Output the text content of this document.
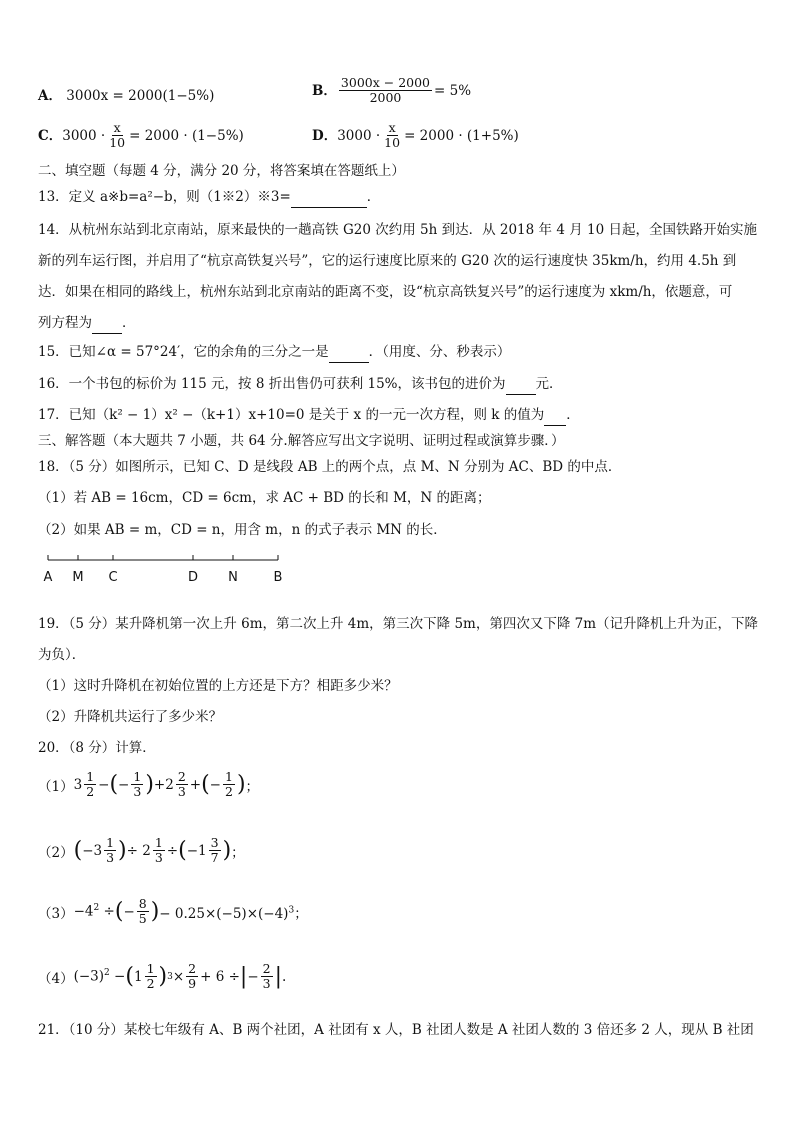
A． 3000x = 2000(1−5%)	B． $\frac{3000x - 2000}{2000} = 5\%$
C． $3000 \cdot \frac{x}{10} = 2000 \cdot (1-5\%)$	D． $3000 \cdot \frac{x}{10} = 2000 \cdot (1+5\%)$
二、填空题（每题 4 分，满分 20 分，将答案填在答题纸上）
13．定义 a※b=a²−b，则（1※2）※3=	．
14．从杭州东站到北京南站，原来最快的一趟高铁 G20 次约用 5h 到达．从 2018 年 4 月 10 日起，全国铁路开始实施
新的列车运行图，并启用了“杭京高铁复兴号”，它的运行速度比原来的 G20 次的运行速度快 35km/h，约用 4.5h 到
达．如果在相同的路线上，杭州东站到北京南站的距离不变，设“杭京高铁复兴号”的运行速度为 xkm/h，依题意，可
列方程为 ．
15．已知∠α = 57°24′，它的余角的三分之一是	．（用度、分、秒表示）
16．一个书包的标价为 115 元，按 8 折出售仍可获利 15%，该书包的进价为 元．
17．已知（k² − 1）x² −（k+1）x+10=0 是关于 x 的一元一次方程，则 k 的值为 ．
三、解答题（本大题共 7 小题，共 64 分.解答应写出文字说明、证明过程或演算步骤．）
18．（5 分）如图所示，已知 C、D 是线段 AB 上的两个点，点 M、N 分别为 AC、BD 的中点．
（1）若 AB = 16cm，CD = 6cm，求 AC + BD 的长和 M，N 的距离；
（2）如果 AB = m，CD = n，用含 m，n 的式子表示 MN 的长．
A M C	D N	B
19．（5 分）某升降机第一次上升 6m，第二次上升 4m，第三次下降 5m，第四次又下降 7m（记升降机上升为正，下降
为负）．
（1）这时升降机在初始位置的上方还是下方？相距多少米？
（2）升降机共运行了多少米？
20．（8 分）计算．
（1） $3 \frac{1}{2}$ − ( − $\frac{1}{3}$ ) $+2 \frac{2}{3}$ + ( − $\frac{1}{2}$ ) ；
（2） ( $-3 \frac{1}{3}$ ) ÷ $2 \frac{1}{3}$ ÷ ( $-1 \frac{3}{7}$ ) ；
$(3) -4^2$ ÷ ( − $\frac{8}{5}$ ) − $0.25\times(-5)\times(-4)^3$；
（4） $(-3)^2$ − ( $1 \frac{1}{2}$ ) $3 \times \frac{2}{9} + 6$ ÷ | − $\frac{2}{3}$ | .
21．（10 分）某校七年级有 A、B 两个社团，A 社团有 x 人，B 社团人数是 A 社团人数的 3 倍还多 2 人，现从 B 社团
